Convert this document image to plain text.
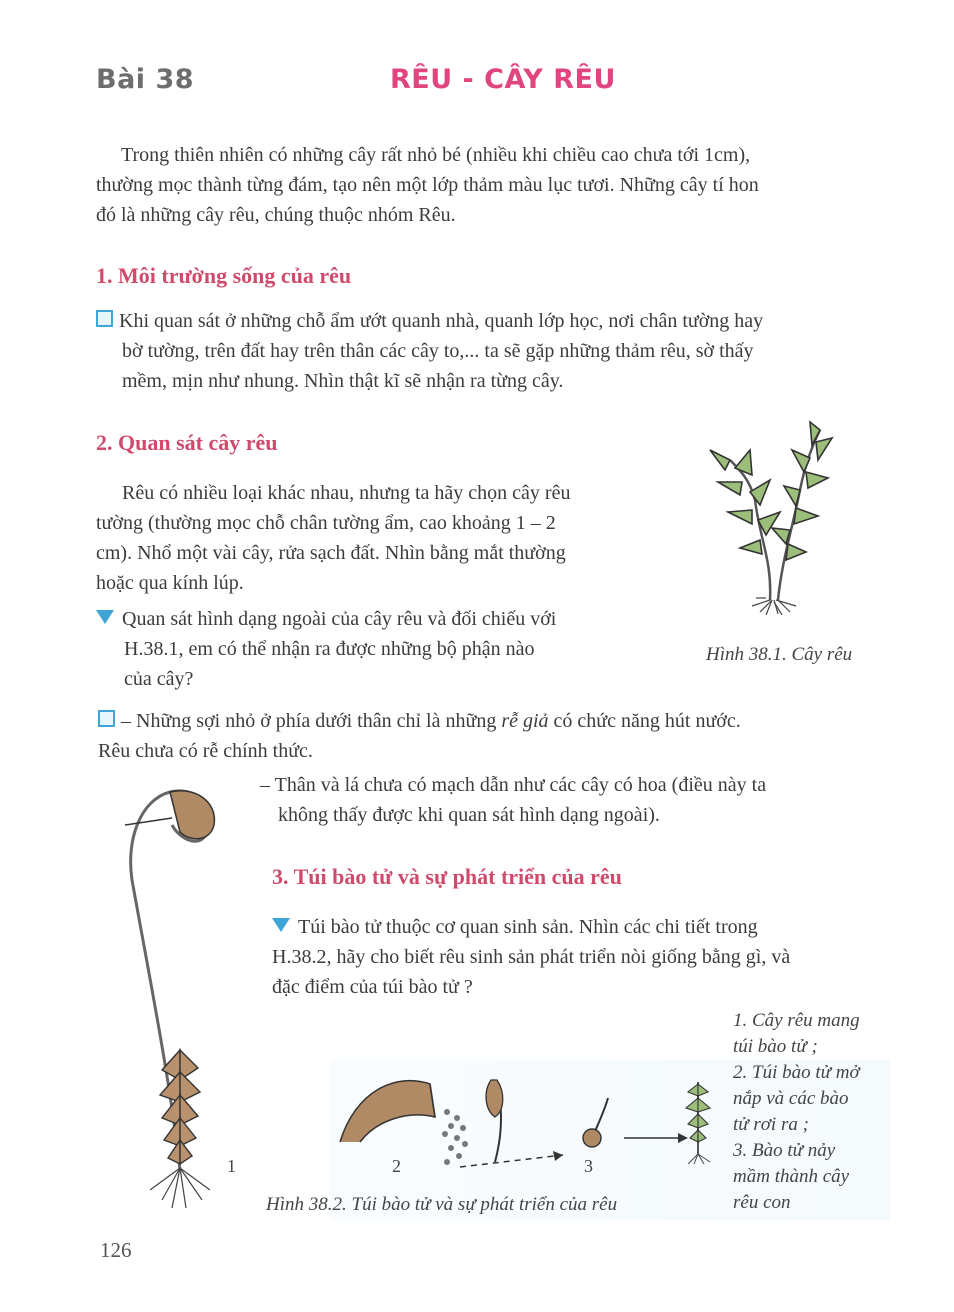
Bài 38	RÊU - CÂY RÊU
Trong thiên nhiên có những cây rất nhỏ bé (nhiều khi chiều cao chưa tới 1cm),
thường mọc thành từng đám, tạo nên một lớp thảm màu lục tươi. Những cây tí hon
đó là những cây rêu, chúng thuộc nhóm Rêu.
1. Môi trường sống của rêu
Khi quan sát ở những chỗ ẩm ướt quanh nhà, quanh lớp học, nơi chân tường hay
bờ tường, trên đất hay trên thân các cây to,... ta sẽ gặp những thảm rêu, sờ thấy
mềm, mịn như nhung. Nhìn thật kĩ sẽ nhận ra từng cây.
2. Quan sát cây rêu
Rêu có nhiều loại khác nhau, nhưng ta hãy chọn cây rêu
tường (thường mọc chỗ chân tường ẩm, cao khoảng 1 – 2
cm). Nhổ một vài cây, rửa sạch đất. Nhìn bằng mắt thường
hoặc qua kính lúp.
Quan sát hình dạng ngoài của cây rêu và đối chiếu với
H.38.1, em có thể nhận ra được những bộ phận nào
của cây?
Hình 38.1. Cây rêu
– Những sợi nhỏ ở phía dưới thân chỉ là những rễ giả có chức năng hút nước.
Rêu chưa có rễ chính thức.
– Thân và lá chưa có mạch dẫn như các cây có hoa (điều này ta
không thấy được khi quan sát hình dạng ngoài).
3. Túi bào tử và sự phát triển của rêu
Túi bào tử thuộc cơ quan sinh sản. Nhìn các chi tiết trong
H.38.2, hãy cho biết rêu sinh sản phát triển nòi giống bằng gì, và
đặc điểm của túi bào tử ?
1	2	3
1. Cây rêu mang
túi bào tử ;
2. Túi bào tử mở
nắp và các bào
tử rơi ra ;
3. Bào tử nảy
mầm thành cây
rêu con
Hình 38.2. Túi bào tử và sự phát triển của rêu
126
